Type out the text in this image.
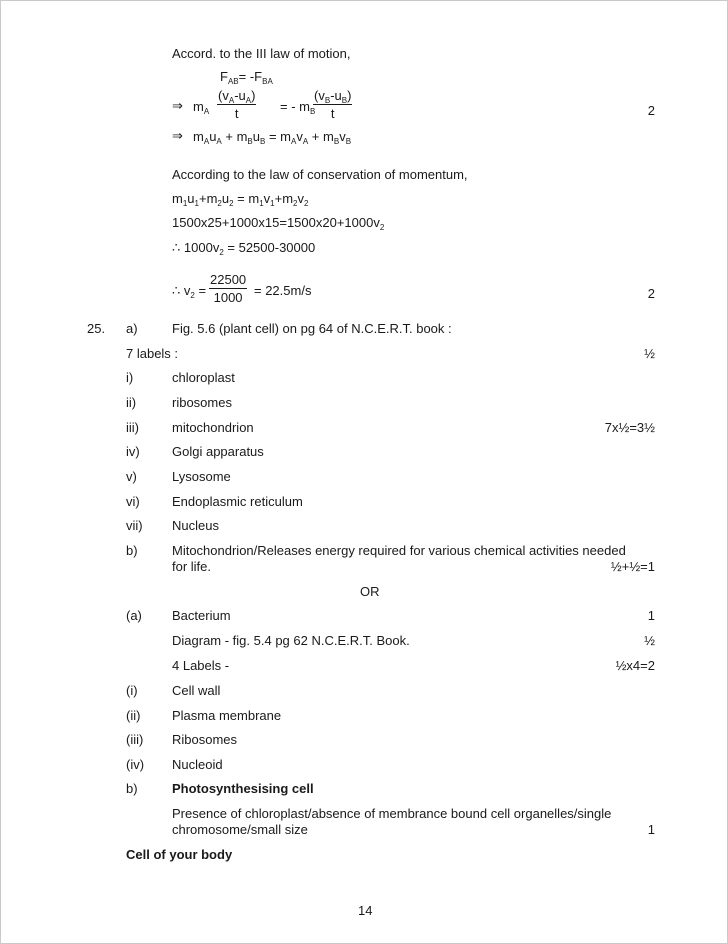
Accord. to the III law of motion,
$F_{AB}= -F_{BA}$
⇒ $m_A \frac{(v_A-u_A)}{t}$ = - $m_B$
$\frac{(v_B-u_B)}{t}$	2
⇒ $m_Au_A + m_Bu_B = m_Av_A + m_Bv_B$
According to the law of conservation of momentum,
$m_1u_1+m_2u_2 = m_1v_1+m_2v_2$
$1500x25+1000x15=1500x20+1000v_2$
∴ $1000v_2 = 52500-30000$
∴ $v_2 = \frac{22500}{1000} = 22.5m/s$	2
25. a)	Fig. 5.6 (plant cell) on pg 64 of N.C.E.R.T. book :
7 labels :	½
i)	chloroplast
ii)	ribosomes
iii)	mitochondrion	7x½=3½
iv) Golgi apparatus
v)	Lysosome
vi) Endoplasmic reticulum
vii) Nucleus
b)	Mitochondrion/Releases energy required for various chemical activities needed
for life.	½+½=1
OR
(a) Bacterium	1
Diagram - fig. 5.4 pg 62 N.C.E.R.T. Book.	½
4 Labels -	½x4=2
(i)	Cell wall
(ii) Plasma membrane
(iii) Ribosomes
(iv) Nucleoid
b)	Photosynthesising cell
Presence of chloroplast/absence of membrance bound cell organelles/single
chromosome/small size	1
Cell of your body
14
